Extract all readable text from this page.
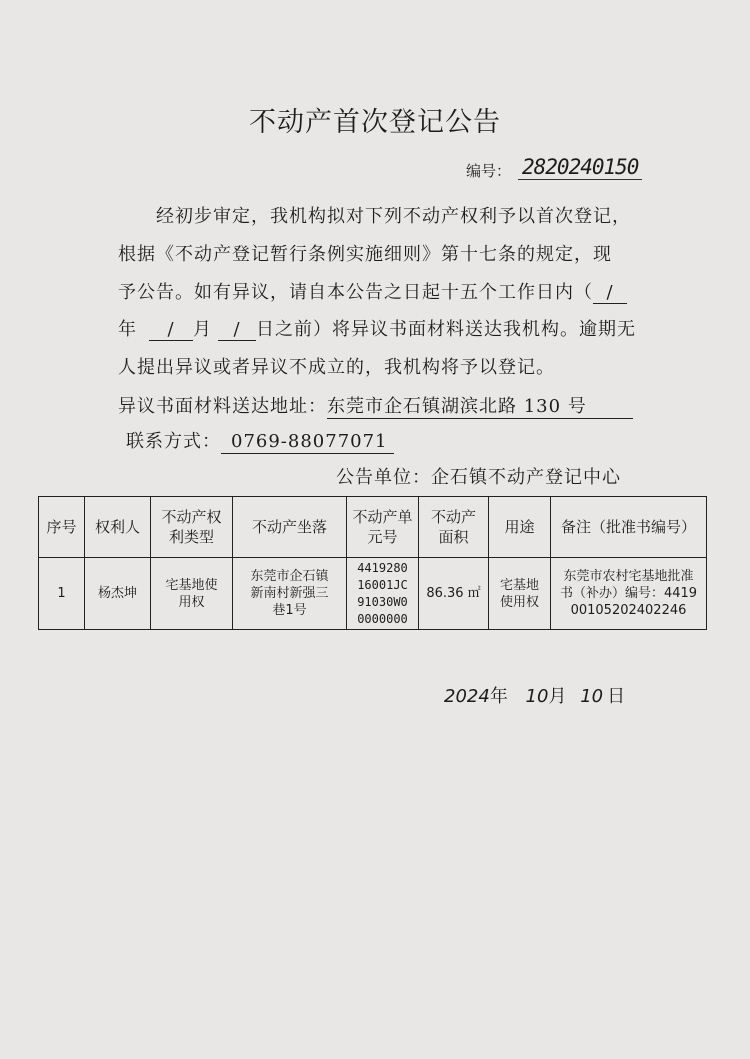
不动产首次登记公告
编号： 2820240150
经初步审定，我机构拟对下列不动产权利予以首次登记，
根据《不动产登记暂行条例实施细则》第十七条的规定，现
予公告。如有异议，请自本公告之日起十五个工作日内（ /
年 / 月 / 日之前）将异议书面材料送达我机构。逾期无
人提出异议或者异议不成立的，我机构将予以登记。
异议书面材料送达地址：东莞市企石镇湖滨北路 130 号
联系方式： 0769-88077071
公告单位：企石镇不动产登记中心
序号	权利人	不动产权利类型	不动产坐落	不动产单元号	不动产面积	用途	备注（批准书编号）
1	杨杰坤	宅基地使用权	东莞市企石镇新南村新强三巷1号	441928016001JC91030W00000000	86.36 ㎡	宅基地使用权	东莞市农村宅基地批准书（补办）编号：441900105202402246
2024年 10月 10 日
